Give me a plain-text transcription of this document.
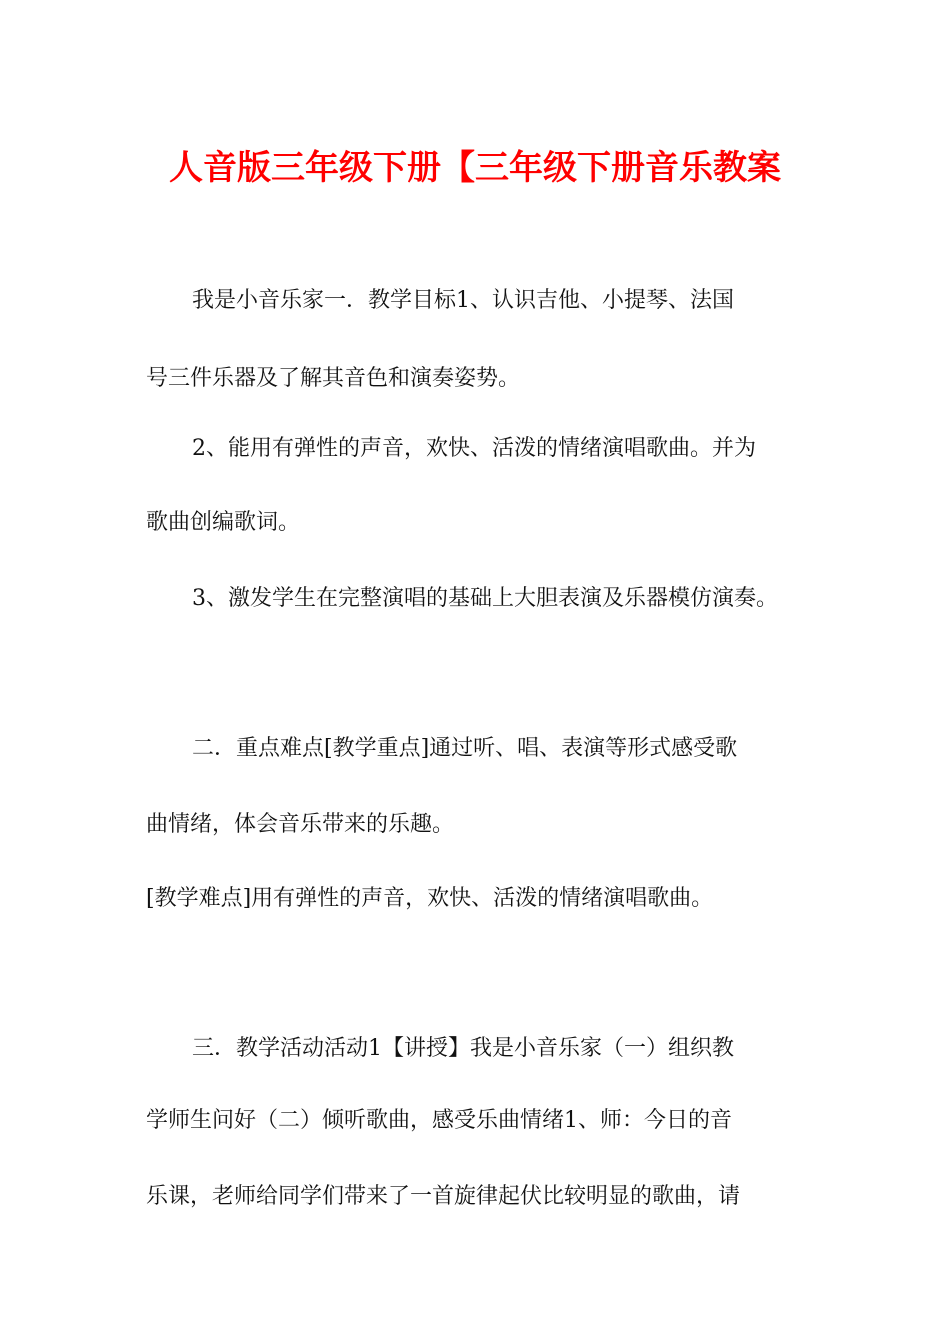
人音版三年级下册【三年级下册音乐教案
我是小音乐家一．教学目标1、认识吉他、小提琴、法国
号三件乐器及了解其音色和演奏姿势。
2、能用有弹性的声音，欢快、活泼的情绪演唱歌曲。并为
歌曲创编歌词。
3、激发学生在完整演唱的基础上大胆表演及乐器模仿演奏。
二．重点难点[教学重点]通过听、唱、表演等形式感受歌
曲情绪，体会音乐带来的乐趣。
[教学难点]用有弹性的声音，欢快、活泼的情绪演唱歌曲。
三．教学活动活动1【讲授】我是小音乐家（一）组织教
学师生问好（二）倾听歌曲，感受乐曲情绪1、师：今日的音
乐课，老师给同学们带来了一首旋律起伏比较明显的歌曲，请
